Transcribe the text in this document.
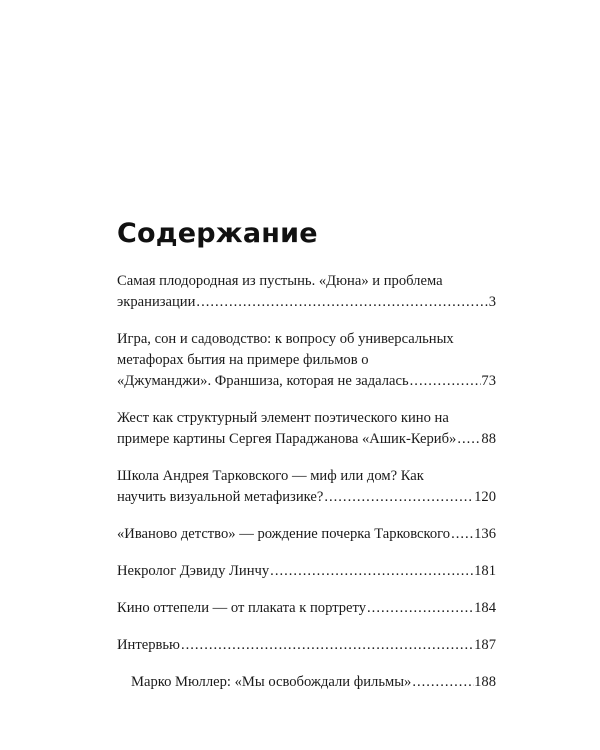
Содержание
Самая плодородная из пустынь. «Дюна» и проблема
экранизации .....	3
Игра, сон и садоводство: к вопросу об универсальных
метафорах бытия на примере фильмов о
«Джуманджи». Франшиза, которая не задалась .....	73
Жест как структурный элемент поэтического кино на
примере картины Сергея Параджанова «Ашик-Кериб» ..... 88
Школа Андрея Тарковского — миф или дом? Как
научить визуальной метафизике? .....	120
«Иваново детство» — рождение почерка Тарковского ..... 136
Некролог Дэвиду Линчу .....	181
Кино оттепели — от плаката к портрету .....	184
Интервью .....	187
Марко Мюллер: «Мы освобождали фильмы» .....	188
